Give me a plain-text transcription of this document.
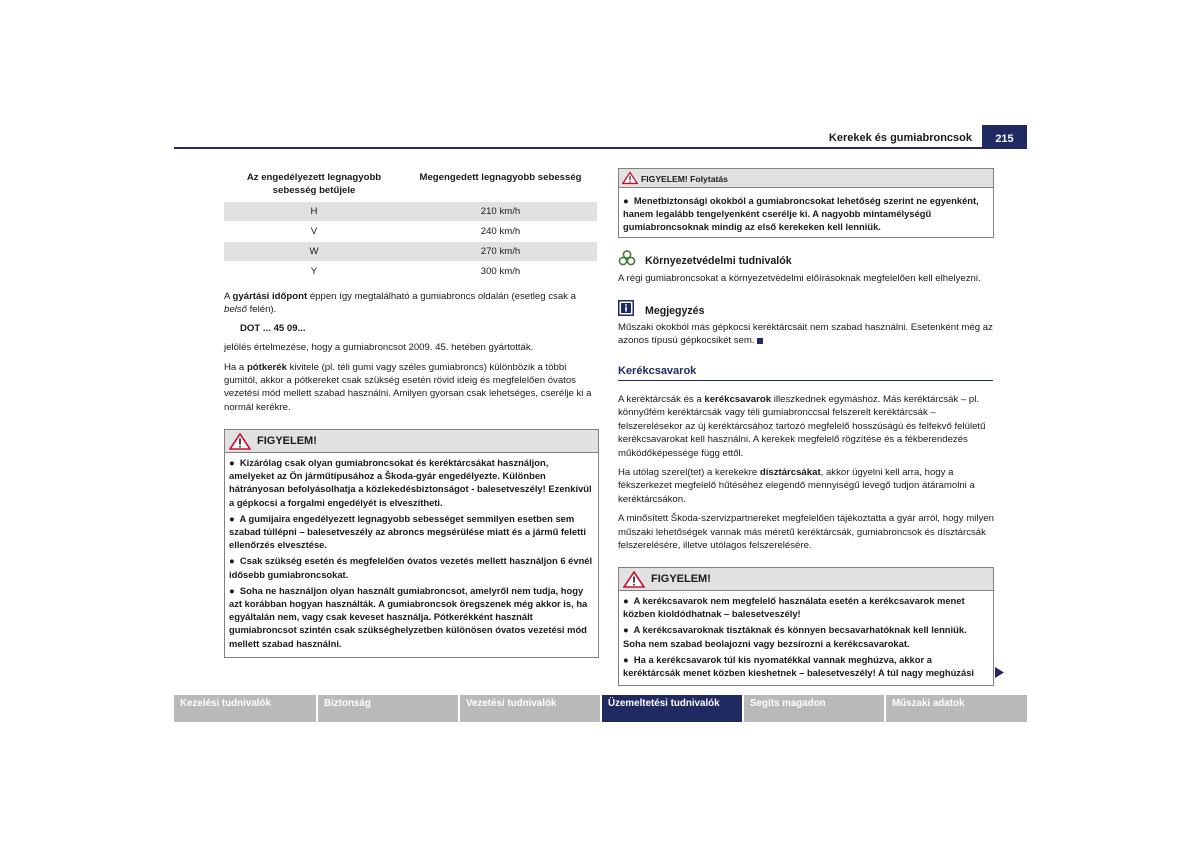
Kerekek és gumiabroncsok	215
Az engedélyezett legnagyobb sebesség betűjele	Megengedett legnagyobb sebesség
H	210 km/h
V	240 km/h
W	270 km/h
Y	300 km/h

A gyártási időpont éppen így megtalálható a gumiabroncs oldalán (esetleg csak a belső felén).

DOT ... 45 09...

jelölés értelmezése, hogy a gumiabroncsot 2009. 45. hetében gyártották.

Ha a pótkerék kivitele (pl. téli gumi vagy széles gumiabroncs) különbözik a többi gumitól, akkor a pótkereket csak szükség esetén rövid ideig és megfelelően óvatos vezetési mód mellett szabad használni. Amilyen gyorsan csak lehetséges, cserélje ki a normál kerékre.

FIGYELEM!
●  Kizárólag csak olyan gumiabroncsokat és keréktárcsákat használjon, amelyeket az Ön járműtípusához a Škoda-gyár engedélyezte. Különben hátrányosan befolyásolhatja a közlekedésbiztonságot - balesetveszély! Ezenkívül a gépkocsi a forgalmi engedélyét is elveszítheti.
●  A gumijaira engedélyezett legnagyobb sebességet semmilyen esetben sem szabad túllépni – balesetveszély az abroncs megsérülése miatt és a jármű feletti ellenőrzés elvesztése.
●  Csak szükség esetén és megfelelően óvatos vezetés mellett használjon 6 évnél idősebb gumiabroncsokat.
●  Soha ne használjon olyan használt gumiabroncsot, amelyről nem tudja, hogy azt korábban hogyan használták. A gumiabroncsok öregszenek még akkor is, ha egyáltalán nem, vagy csak keveset használja. Pótkerékként használt gumiabroncsot szintén csak szükséghelyzetben különösen óvatos vezetési mód mellett szabad használni.
FIGYELEM! Folytatás
●  Menetbiztonsági okokból a gumiabroncsokat lehetőség szerint ne egyenként, hanem legalább tengelyenként cserélje ki. A nagyobb mintamélységű gumiabroncsoknak mindig az első kerekeken kell lenniük.
Környezetvédelmi tudnivalók
A régi gumiabroncsokat a környezetvédelmi előírásoknak megfelelően kell elhelyezni.
Megjegyzés
Műszaki okokból más gépkocsi keréktárcsáit nem szabad használni. Esetenként még az azonos típusú gépkocsikét sem.
Kerékcsavarok

A keréktárcsák és a kerékcsavarok illeszkednek egymáshoz. Más keréktárcsák – pl. könnyűfém keréktárcsák vagy téli gumiabronccsal felszerelt keréktárcsák – felszerelésekor az új keréktárcsához tartozó megfelelő hosszúságú és felfekvő felületű kerékcsavarokat kell használni. A kerekek megfelelő rögzítése és a fékberendezés működőképessége függ ettől.

Ha utólag szerel(tet) a kerekekre dísztárcsákat, akkor ügyelni kell arra, hogy a fékszerkezet megfelelő hűtéséhez elegendő mennyiségű levegő tudjon átáramolni a keréktárcsákon.

A minősített Škoda-szervizpartnereket megfelelően tájékoztatta a gyár arról, hogy milyen műszaki lehetőségek vannak más méretű keréktárcsák, gumiabroncsok és dísztárcsák felszerelésére, illetve utólagos felszerelésére.

FIGYELEM!
●  A kerékcsavarok nem megfelelő használata esetén a kerékcsavarok menet közben kioldódhatnak – balesetveszély!
●  A kerékcsavaroknak tisztáknak és könnyen becsavarhatóknak kell lenniük. Soha nem szabad beolajozni vagy bezsírozni a kerékcsavarokat.
●  Ha a kerékcsavarok túl kis nyomatékkal vannak meghúzva, akkor a keréktárcsák menet közben kieshetnek – balesetveszély! A túl nagy meghúzási
Kezelési tudnivalók	Biztonság	Vezetési tudnivalók	Üzemeltetési tudnivalók	Segíts magadon	Műszaki adatok
